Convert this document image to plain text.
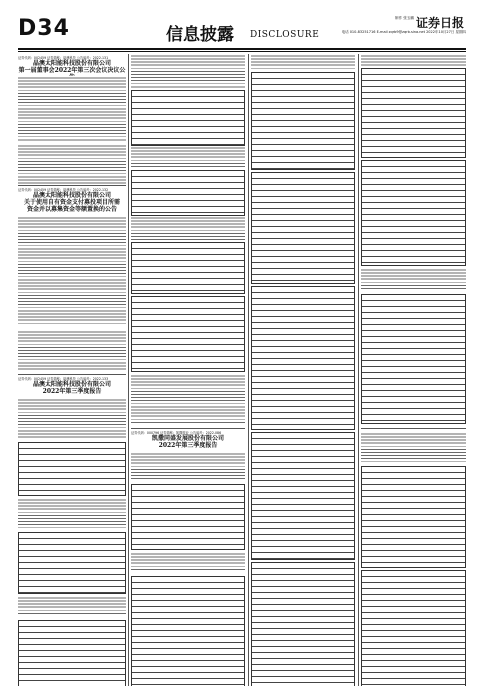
D34	信息披露 DISCLOSURE
制作 张玉鹏 证券日报
电话 010-83251716 E-mail zqrb9@zqrb.sina.net 2022年10月27日 星期四
证券代码：002459 证券简称：晶澳科技 公告编号：2022-131
晶澳太阳能科技股份有限公司
第一届董事会2022年第三次会议决议公
证券代码：002459 证券简称：晶澳科技 公告编号：2022-132
晶澳太阳能科技股份有限公司
关于使用自有资金支付募投项目所需
资金并以募集资金等额置换的公告
证券代码：002459 证券简称：晶澳科技 公告编号：2022-133
晶澳太阳能科技股份有限公司
2022年第三季度报告
证券代码：000796 证券简称：凯撒旅业 公告编号：2022-086
凯撒同盛发展股份有限公司
2022年第三季度报告
